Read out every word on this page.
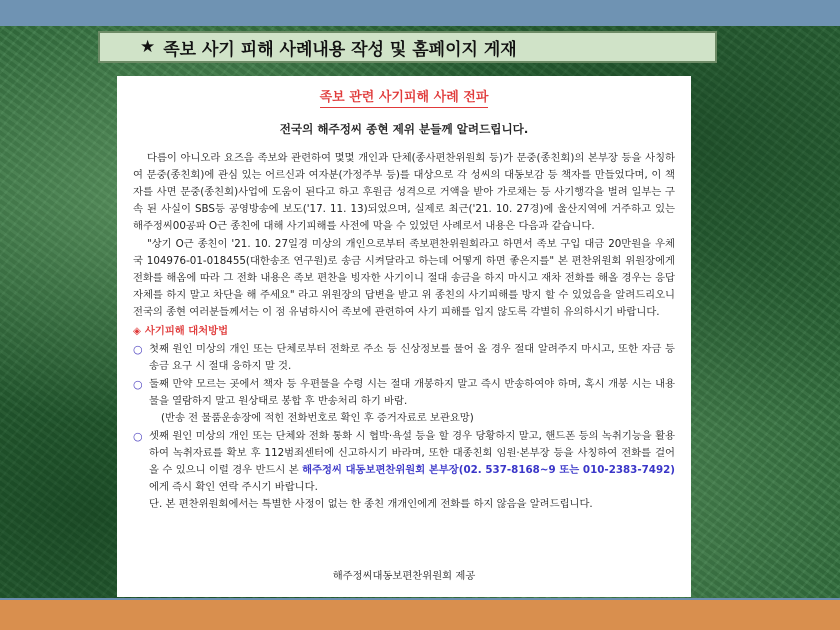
★ 족보 사기 피해 사례내용 작성 및 홈페이지 게재
족보 관련 사기피해 사례 전파
전국의 해주정씨 종현 제위 분들께 알려드립니다.
다름이 아니오라 요즈음 족보와 관련하여 몇몇 개인과 단체(종사편찬위원회 등)가 문중(종친회)의 본부장 등을 사칭하여 문중(종친회)에 관심 있는 어르신과 여자분(가정주부 등)를 대상으로 각 성씨의 대동보감 등 책자를 만들었다며, 이 책자를 사면 문중(종친회)사업에 도움이 된다고 하고 후원금 성격으로 거액을 받아 가로채는 등 사기행각을 벌려 일부는 구속 된 사실이 SBS등 공영방송에 보도('17. 11. 13)되었으며, 실제로 최근('21. 10. 27경)에 울산지역에 거주하고 있는 해주정씨00공파 O근 종친에 대해 사기피해를 사전에 막을 수 있었던 사례로서 내용은 다음과 같습니다.
"상기 O근 종친이 '21. 10. 27일경 미상의 개인으로부터 족보편찬위원회라고 하면서 족보 구입 대금 20만원을 우체국 104976-01-018455(대한송조 연구원)로 송금 시켜달라고 하는데 어떻게 하면 좋은지를" 본 편찬위원회 위원장에게 전화를 해옴에 따라 그 전화 내용은 족보 편찬을 빙자한 사기이니 절대 송금을 하지 마시고 재차 전화를 해올 경우는 응답 자체를 하지 말고 차단을 해 주세요" 라고 위원장의 답변을 받고 위 종친의 사기피해를 방지 할 수 있었음을 알려드리오니 전국의 종현 여러분들께서는 이 점 유념하시어 족보에 관련하여 사기 피해를 입지 않도록 각별히 유의하시기 바랍니다.
◈ 사기피해 대처방법
○ 첫째 원인 미상의 개인 또는 단체로부터 전화로 주소 등 신상정보를 물어 올 경우 절대 알려주지 마시고, 또한 자금 등 송금 요구 시 절대 응하지 말 것.
○ 둘째 만약 모르는 곳에서 책자 등 우편물을 수령 시는 절대 개봉하지 말고 즉시 반송하여야 하며, 혹시 개봉 시는 내용물을 열람하지 말고 원상태로 봉합 후 반송처리 하기 바람.
(반송 전 물품운송장에 적힌 전화번호로 확인 후 증거자료로 보관요망)
○ 셋째 원인 미상의 개인 또는 단체와 전화 통화 시 협박·욕설 등을 할 경우 당황하지 말고, 핸드폰 등의 녹취기능을 활용하여 녹취자료를 확보 후 112범죄센터에 신고하시기 바라며, 또한 대종친회 임원·본부장 등을 사칭하여 전화를 걸어 올 수 있으니 이럴 경우 반드시 본 해주정씨 대동보편찬위원회 본부장(02. 537-8168~9 또는 010-2383-7492)에게 즉시 확인 연락 주시기 바랍니다.
단. 본 편찬위원회에서는 특별한 사정이 없는 한 종친 개개인에게 전화를 하지 않음을 알려드립니다.
해주정씨대동보편찬위원회 제공
